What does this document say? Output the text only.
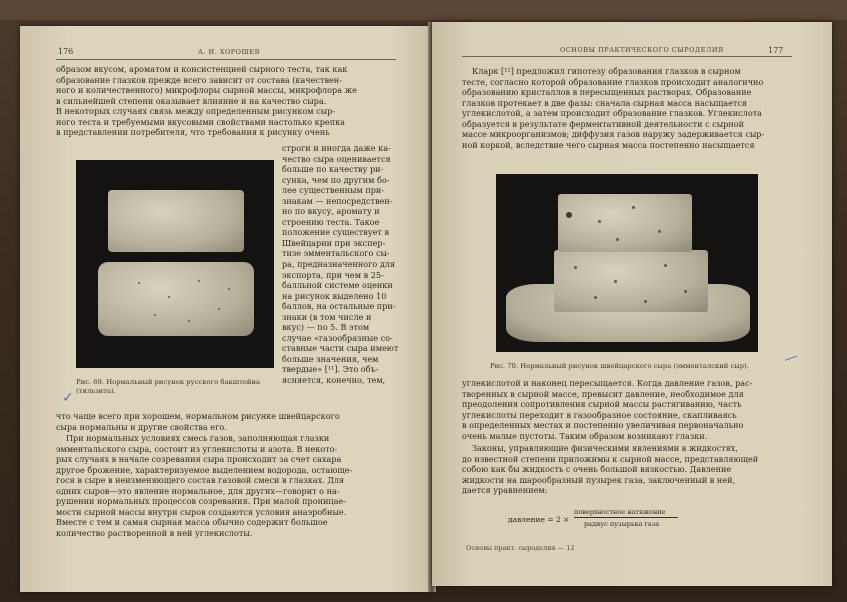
176	А. И. ХОРОШЕВ
образом вкусом, ароматом и консистенцией сырного теста, так как
образование глазков прежде всего зависит от состава (качествен-
ного и количественного) микрофлоры сырной массы, микрофлора же
в сильнейшей степени оказывает влияние и на качество сыра.
В некоторых случаях связь между определенным рисунком сыр-
ного теста и требуемыми вкусовыми свойствами настолько крепка
в представлении потребителя, что требования к рисунку очень
Рис. 69. Нормальный рисунок русского бакштейна (тильзита).
строги и иногда даже ка-
чество сыра оценивается
больше по качеству ри-
сунка, чем по другим бо-
лее существенным при-
знакам — непосредствен-
но по вкусу, аромату и
строению теста. Такое
положение существует в
Швейцарии при экспер-
тизе эмментальского сы-
ра, предназначенного для
экспорта, при чем в 25-
балльной системе оценки
на рисунок выделено 10
баллов, на остальные при-
знаки (в том числе и
вкус) — по 5. В этом
случае «газообразные со-
ставные части сыра имеют
больше значения, чем
твердые» [¹¹]. Это объ-
ясняется, конечно, тем,
что чаще всего при хорошем, нормальном рисунке швейцарского
сыра нормальны и другие свойства его.
При нормальных условиях смесь газов, заполняющая глазки
эмментальского сыра, состоит из углекислоты и азота. В некото-
рых случаях в начале созревания сыра происходит за счет сахара
другое брожение, характеризуемое выделением водорода, остающе-
гося в сыре в неизменяющего состав газовой смеси в глазках. Для
одних сыров—это явление нормальное, для других—говорит о на-
рушении нормальных процессов созревания. При малой проницае-
мости сырной массы внутри сыров создаются условия анаэробные.
Вместе с тем и самая сырная масса обычно содержит большое
количество растворенной в ней углекислоты.
✓
ОСНОВЫ ПРАКТИЧЕСКОГО СЫРОДЕЛИЯ	177
Кларк [¹²] предложил гипотезу образования глазков в сырном
тесте, согласно которой образование глазков происходит аналогично
образованию кристаллов в пересыщенных растворах. Образование
глазков протекает в две фазы: сначала сырная масса насыщается
углекислотой, а затем происходит образование глазков. Углекислота
образуется в результате ферментативной деятельности с сырной
массе микроорганизмов; диффузия газов наружу задерживается сыр-
ной коркой, вследствие чего сырная масса постепенно насыщается
Рис. 70. Нормальный рисунок швейцарского сыра (эмменталский сыр).
углекислотой и наконец пересыщается. Когда давление газов, рас-
творенных в сырной массе, превысит давление, необходимое для
преодоления сопротивления сырной массы растягиванию, часть
углекислоты переходит в газообразное состояние, скапливаясь
в определенных местах и постепенно увеличивая первоначально
очень малые пустоты. Таким образом возникают глазки.
Законы, управляющие физическими явлениями в жидкостях,
до известной степени приложимы к сырной массе, представляющей
собою как бы жидкость с очень большой вязкостью. Давление
жидкости на шарообразный пузырек газа, заключенный в ней,
дается уравнением:
давление = 2 ×
поверхностное натяжение
радиус пузырька газа
Основы практ. сыроделия — 12
—
